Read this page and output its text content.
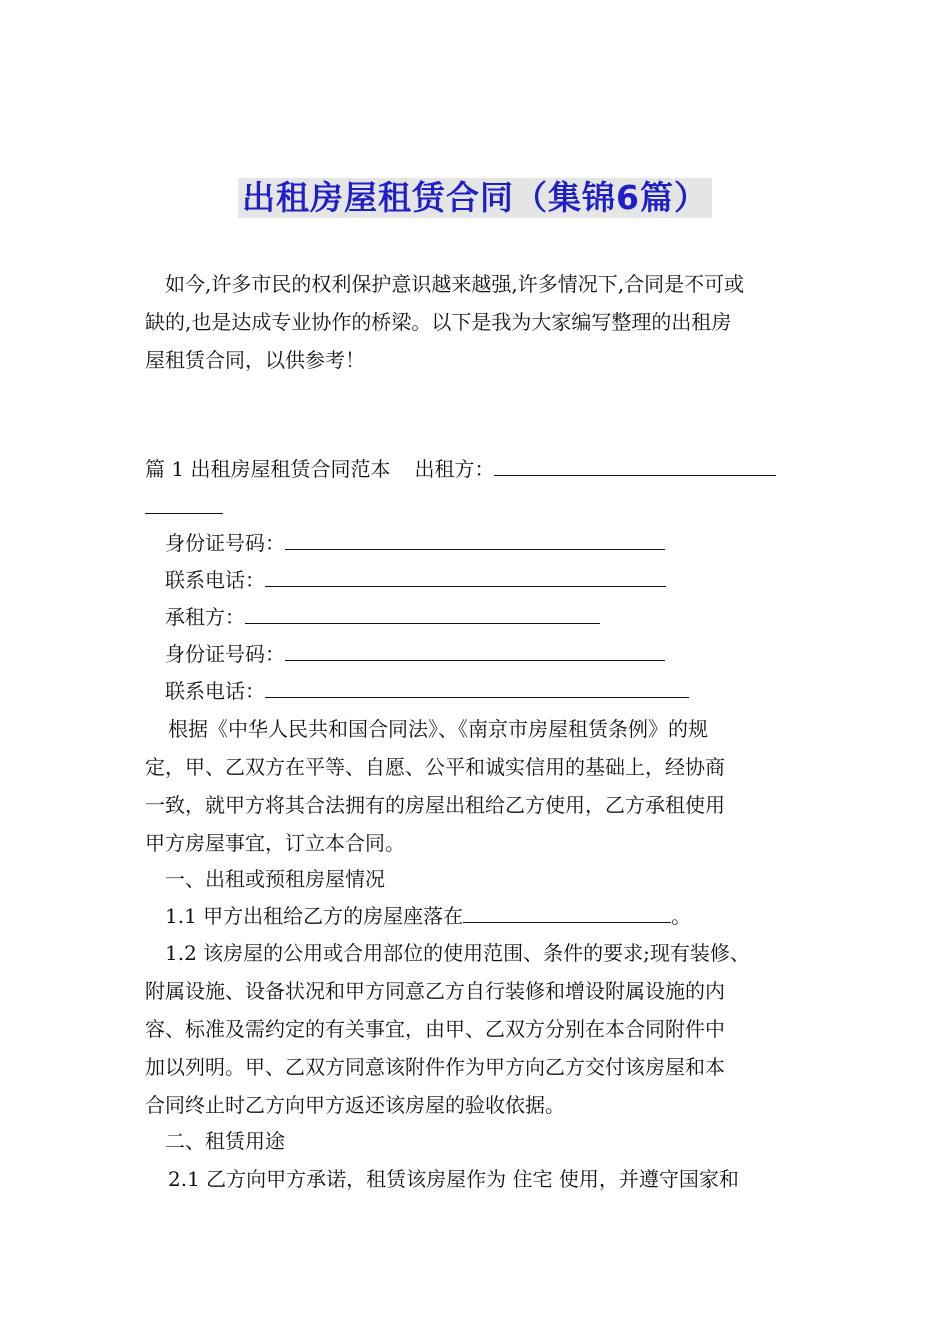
出租房屋租赁合同（集锦6篇）
如今,许多市民的权利保护意识越来越强,许多情况下,合同是不可或
缺的,也是达成专业协作的桥梁。以下是我为大家编写整理的出租房
屋租赁合同，以供参考！
篇 1 出租房屋租赁合同范本 出租方：
身份证号码：
联系电话：
承租方：
身份证号码：
联系电话：
根据《中华人民共和国合同法》、《南京市房屋租赁条例》的规
定，甲、乙双方在平等、自愿、公平和诚实信用的基础上，经协商
一致，就甲方将其合法拥有的房屋出租给乙方使用，乙方承租使用
甲方房屋事宜，订立本合同。
一、出租或预租房屋情况
1.1 甲方出租给乙方的房屋座落在	。
1.2 该房屋的公用或合用部位的使用范围、条件的要求;现有装修、
附属设施、设备状况和甲方同意乙方自行装修和增设附属设施的内
容、标准及需约定的有关事宜，由甲、乙双方分别在本合同附件中
加以列明。甲、乙双方同意该附件作为甲方向乙方交付该房屋和本
合同终止时乙方向甲方返还该房屋的验收依据。
二、租赁用途
2.1 乙方向甲方承诺，租赁该房屋作为 住宅 使用，并遵守国家和
